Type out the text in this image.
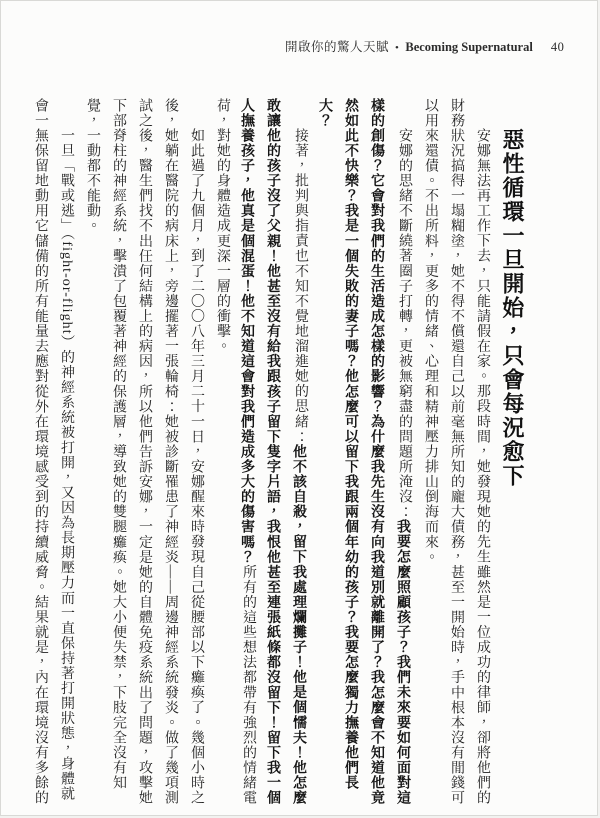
開啟你的驚人天賦 • Becoming Supernatural 40
惡性循環一旦開始，只會每況愈下

安娜無法再工作下去，只能請假在家。那段時間，她發現她的先生雖然是一位成功的律師，卻將他們的財務狀況搞得一塌糊塗，她不得不償還自己以前毫無所知的龐大債務，甚至一開始時，手中根本沒有閒錢可以用來還債。不出所料，更多的情緒、心理和精神壓力排山倒海而來。

安娜的思緒不斷繞著圈子打轉，更被無窮盡的問題所淹沒：我要怎麼照顧孩子？我們未來要如何面對這樣的創傷？它會對我們的生活造成怎樣的影響？為什麼我先生沒有向我道別就離開了？我怎麼會不知道他竟然如此不快樂？我是一個失敗的妻子嗎？他怎麼可以留下我跟兩個年幼的孩子？我要怎麼獨力撫養他們長大？

接著，批判與指責也不知不覺地溜進她的思緒：他不該自殺，留下我處理爛攤子！他是個懦夫！他怎麼敢讓他的孩子沒了父親！他甚至沒有給我跟孩子留下隻字片語，我恨他甚至連張紙條都沒留下！留下我一個人撫養孩子，他真是個混蛋！他不知道這會對我們造成多大的傷害嗎？所有的這些想法都帶有強烈的情緒電荷，對她的身體造成更深一層的衝擊。

如此過了九個月，到了二〇〇八年三月二十一日，安娜醒來時發現自己從腰部以下癱瘓了。幾個小時之後，她躺在醫院的病床上，旁邊擺著一張輪椅：她被診斷罹患了神經炎——周邊神經系統發炎。做了幾項測試之後，醫生們找不出任何結構上的病因，所以他們告訴安娜，一定是她的自體免疫系統出了問題，攻擊她下部脊柱的神經系統，擊潰了包覆著神經的保護層，導致她的雙腿癱瘓。她大小便失禁，下肢完全沒有知覺，一動都不能動。

一旦「戰或逃」（fight-or-flight）的神經系統被打開，又因為長期壓力而一直保持著打開狀態，身體就會一無保留地動用它儲備的所有能量去應對從外在環境感受到的持續威脅。結果就是，內在環境沒有多餘的
